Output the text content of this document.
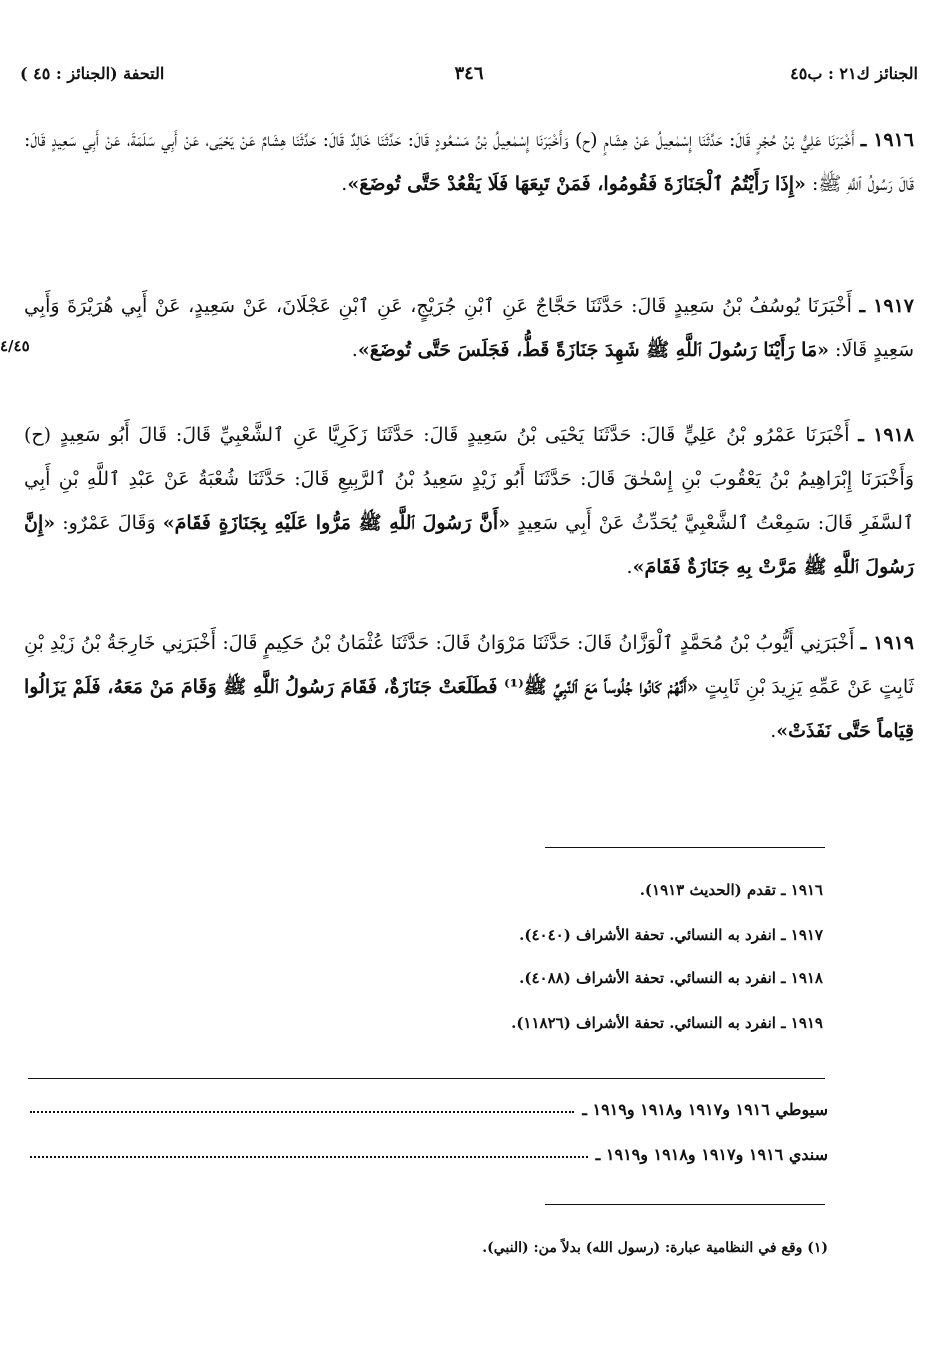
الجنائز ك٢١ : ب٤٥
٣٤٦
التحفة (الجنائز : ٤٥ )
٤/٤٥
١٩١٦ ـ أَخْبَرَنَا عَلِيُّ بْنُ حُجْرٍ قَالَ: حَدَّثَنَا إِسْمٰعِيلُ عَنْ هِشَامٍ (ح) وَأَخْبَرَنَا إِسْمٰعِيلُ بْنُ مَسْعُودٍ قَالَ: حَدَّثَنَا خَالِدٌ قَالَ: حَدَّثَنَا هِشَامٌ عَنْ يَحْيَى، عَنْ أَبِي سَلَمَةَ، عَنْ أَبِي سَعِيدٍ قَالَ: قَالَ رَسُولُ ٱللَّهِ ﷺ: «إِذَا رَأَيْتُمُ ٱلْجَنَازَةَ فَقُومُوا، فَمَنْ تَبِعَهَا فَلَا يَقْعُدْ حَتَّى تُوضَعَ».
١٩١٧ ـ أَخْبَرَنَا يُوسُفُ بْنُ سَعِيدٍ قَالَ: حَدَّثَنَا حَجَّاجٌ عَنِ ٱبْنِ جُرَيْجٍ، عَنِ ٱبْنِ عَجْلَانَ، عَنْ سَعِيدٍ، عَنْ أَبِي هُرَيْرَةَ وَأَبِي سَعِيدٍ قَالَا: «مَا رَأَيْنَا رَسُولَ ٱللَّهِ ﷺ شَهِدَ جَنَازَةً قَطُّ، فَجَلَسَ حَتَّى تُوضَعَ».
١٩١٨ ـ أَخْبَرَنَا عَمْرُو بْنُ عَلِيٍّ قَالَ: حَدَّثَنَا يَحْيَى بْنُ سَعِيدٍ قَالَ: حَدَّثَنَا زَكَرِيَّا عَنِ ٱلشَّعْبِيِّ قَالَ: قَالَ أَبُو سَعِيدٍ (ح) وَأَخْبَرَنَا إِبْرَاهِيمُ بْنُ يَعْقُوبَ بْنِ إِسْحٰقَ قَالَ: حَدَّثَنَا أَبُو زَيْدٍ سَعِيدُ بْنُ ٱلرَّبِيعِ قَالَ: حَدَّثَنَا شُعْبَةُ عَنْ عَبْدِ ٱللَّهِ بْنِ أَبِي ٱلسَّفَرِ قَالَ: سَمِعْتُ ٱلشَّعْبِيَّ يُحَدِّثُ عَنْ أَبِي سَعِيدٍ «أَنَّ رَسُولَ ٱللَّهِ ﷺ مَرُّوا عَلَيْهِ بِجَنَازَةٍ فَقَامَ» وَقَالَ عَمْرٌو: «إِنَّ رَسُولَ ٱللَّهِ ﷺ مَرَّتْ بِهِ جَنَازَةٌ فَقَامَ».
١٩١٩ ـ أَخْبَرَنِي أَيُّوبُ بْنُ مُحَمَّدٍ ٱلْوَزَّانُ قَالَ: حَدَّثَنَا مَرْوَانُ قَالَ: حَدَّثَنَا عُثْمَانُ بْنُ حَكِيمٍ قَالَ: أَخْبَرَنِي خَارِجَةُ بْنُ زَيْدِ بْنِ ثَابِتٍ عَنْ عَمِّهِ يَزِيدَ بْنِ ثَابِتٍ «أَنَّهُمْ كَانُوا جُلُوساً مَعَ ٱلنَّبِيِّ ﷺ⁽¹⁾ فَطَلَعَتْ جَنَازَةٌ، فَقَامَ رَسُولُ ٱللَّهِ ﷺ وَقَامَ مَنْ مَعَهُ، فَلَمْ يَزَالُوا قِيَاماً حَتَّى نَفَذَتْ».
١٩١٦ ـ تقدم (الحديث ١٩١٣).
١٩١٧ ـ انفرد به النسائي. تحفة الأشراف (٤٠٤٠).
١٩١٨ ـ انفرد به النسائي. تحفة الأشراف (٤٠٨٨).
١٩١٩ ـ انفرد به النسائي. تحفة الأشراف (١١٨٢٦).
سيوطي ١٩١٦ و١٩١٧ و١٩١٨ و١٩١٩ ـ
سندي ١٩١٦ و١٩١٧ و١٩١٨ و١٩١٩ ـ
(١) وقع في النظامية عبارة: (رسول الله) بدلاً من: (النبي).
